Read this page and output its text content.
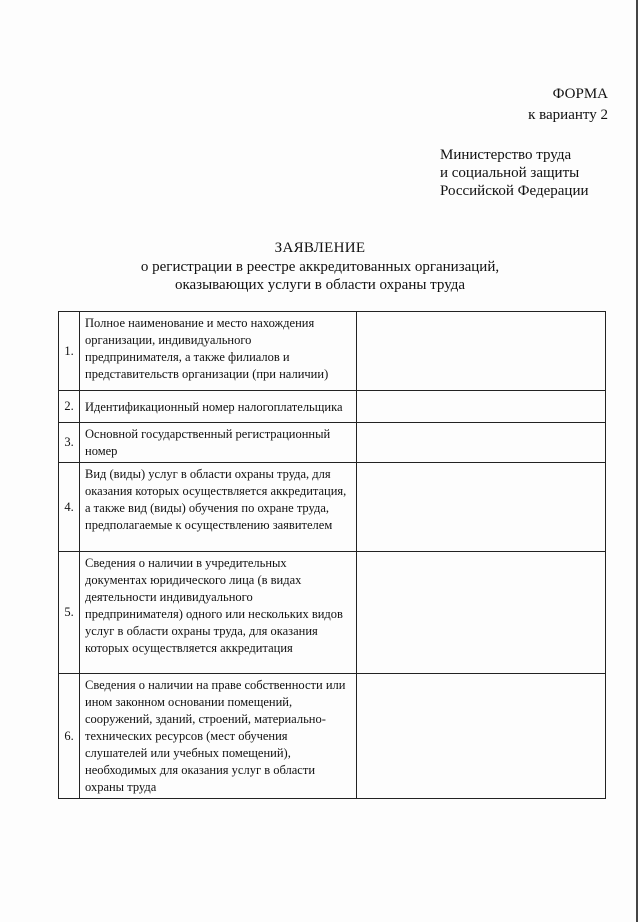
ФОРМА
к варианту 2
Министерство труда
и социальной защиты
Российской Федерации
ЗАЯВЛЕНИЕ
о регистрации в реестре аккредитованных организаций,
оказывающих услуги в области охраны труда
1.	Полное наименование и место нахождения организации, индивидуального предпринимателя, а также филиалов и представительств организации (при наличии)	
2.	Идентификационный номер налогоплательщика	
3.	Основной государственный регистрационный номер	
4.	Вид (виды) услуг в области охраны труда, для оказания которых осуществляется аккредитация, а также вид (виды) обучения по охране труда, предполагаемые к осуществлению заявителем	
5.	Сведения о наличии в учредительных документах юридического лица (в видах деятельности индивидуального предпринимателя) одного или нескольких видов услуг в области охраны труда, для оказания которых осуществляется аккредитация	
6.	Сведения о наличии на праве собственности или ином законном основании помещений, сооружений, зданий, строений, материально-технических ресурсов (мест обучения слушателей или учебных помещений), необходимых для оказания услуг в области охраны труда	
